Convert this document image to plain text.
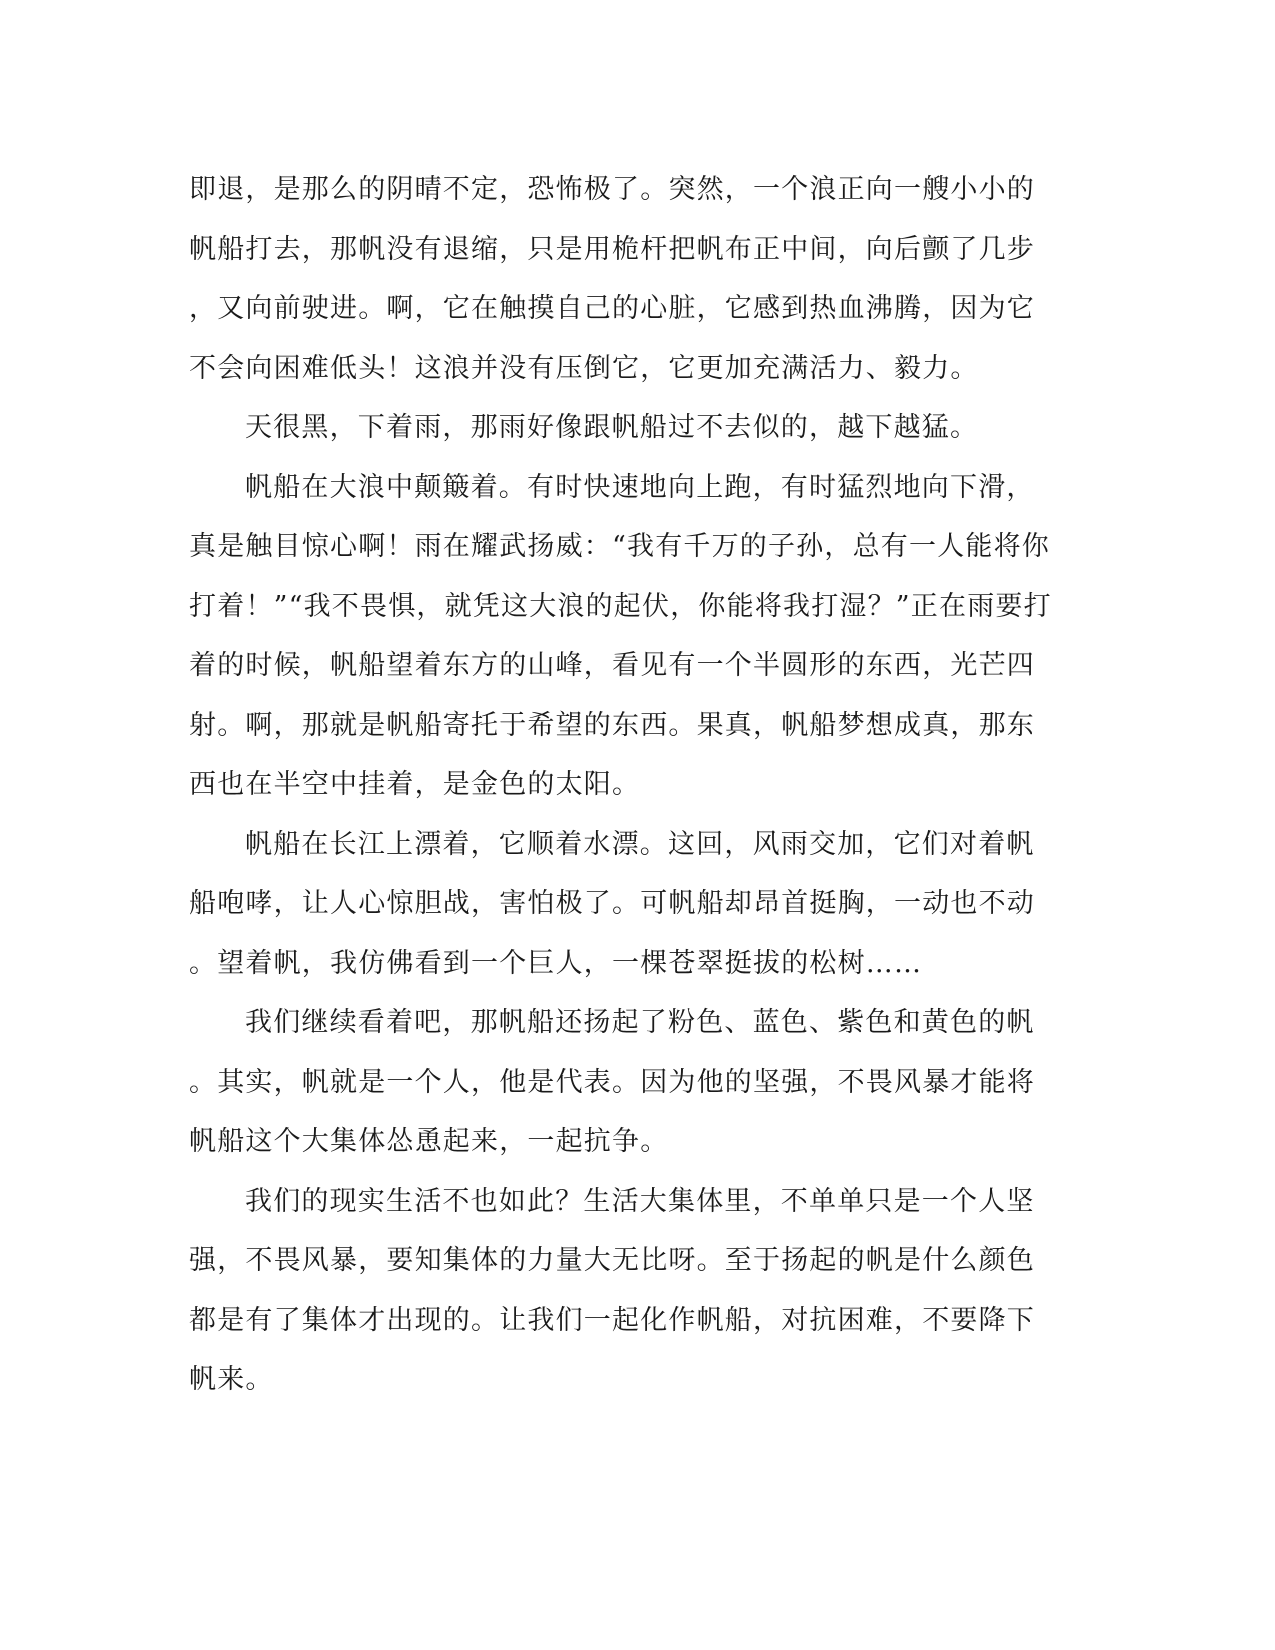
即退，是那么的阴晴不定，恐怖极了。突然，一个浪正向一艘小小的
帆船打去，那帆没有退缩，只是用桅杆把帆布正中间，向后颤了几步
，又向前驶进。啊，它在触摸自己的心脏，它感到热血沸腾，因为它
不会向困难低头！这浪并没有压倒它，它更加充满活力、毅力。

天很黑，下着雨，那雨好像跟帆船过不去似的，越下越猛。

帆船在大浪中颠簸着。有时快速地向上跑，有时猛烈地向下滑，
真是触目惊心啊！雨在耀武扬威：“我有千万的子孙，总有一人能将你
打着！”“我不畏惧，就凭这大浪的起伏，你能将我打湿？”正在雨要打
着的时候，帆船望着东方的山峰，看见有一个半圆形的东西，光芒四
射。啊，那就是帆船寄托于希望的东西。果真，帆船梦想成真，那东
西也在半空中挂着，是金色的太阳。

帆船在长江上漂着，它顺着水漂。这回，风雨交加，它们对着帆
船咆哮，让人心惊胆战，害怕极了。可帆船却昂首挺胸，一动也不动
。望着帆，我仿佛看到一个巨人，一棵苍翠挺拔的松树……

我们继续看着吧，那帆船还扬起了粉色、蓝色、紫色和黄色的帆
。其实，帆就是一个人，他是代表。因为他的坚强，不畏风暴才能将
帆船这个大集体怂恿起来，一起抗争。

我们的现实生活不也如此？生活大集体里，不单单只是一个人坚
强，不畏风暴，要知集体的力量大无比呀。至于扬起的帆是什么颜色
都是有了集体才出现的。让我们一起化作帆船，对抗困难，不要降下
帆来。
